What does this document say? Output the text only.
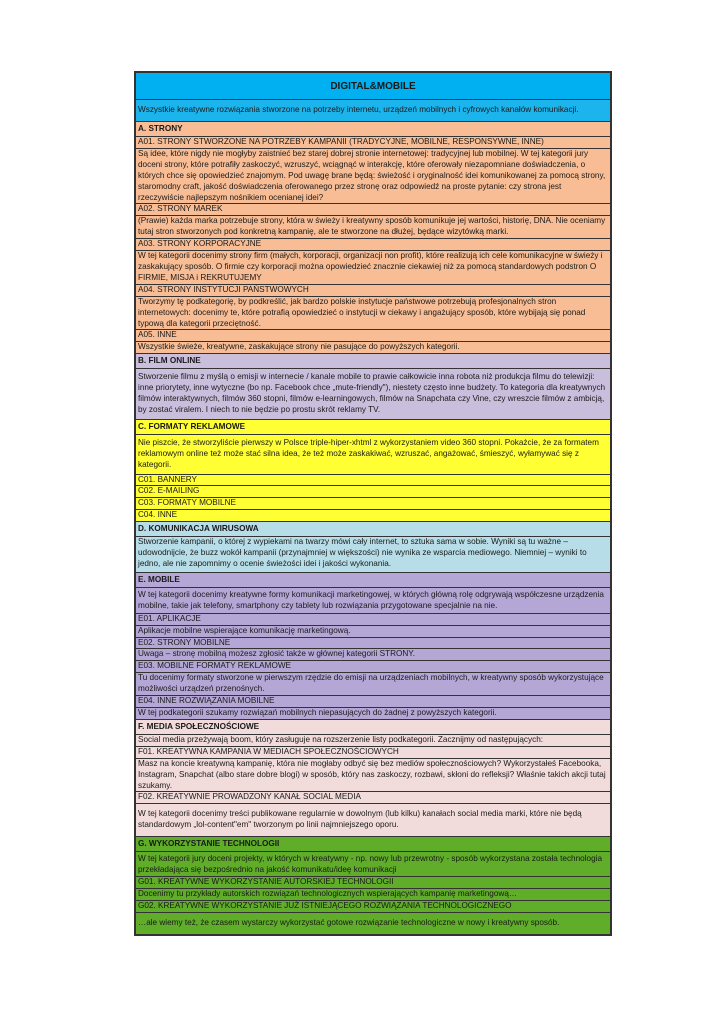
DIGITAL&MOBILE
Wszystkie kreatywne rozwiązania stworzone na potrzeby internetu, urządzeń mobilnych i cyfrowych kanałów komunikacji.
A. STRONY
A01. STRONY STWORZONE NA POTRZEBY KAMPANII (TRADYCYJNE, MOBILNE, RESPONSYWNE, INNE)
Są idee, które nigdy nie mogłyby zaistnieć bez starej dobrej stronie internetowej: tradycyjnej lub mobilnej. W tej kategorii jury doceni strony, które potrafiły zaskoczyć, wzruszyć, wciągnąć w interakcję, które oferowały niezapomniane doświadczenia, o których chce się opowiedzieć znajomym. Pod uwagę brane będą: świeżość i oryginalność idei komunikowanej za pomocą strony, staromodny craft, jakość doświadczenia oferowanego przez stronę oraz odpowiedź na proste pytanie: czy strona jest rzeczywiście najlepszym nośnikiem ocenianej idei?
A02. STRONY MAREK
(Prawie) każda marka potrzebuje strony, która w świeży i kreatywny sposób komunikuje jej wartości, historię, DNA. Nie oceniamy tutaj stron stworzonych pod konkretną kampanię, ale te stworzone na dłużej, będące wizytówką marki.
A03. STRONY KORPORACYJNE
W tej kategorii docenimy strony firm (małych, korporacji, organizacji non profit), które realizują ich cele komunikacyjne w świeży i zaskakujący sposób. O firmie czy korporacji można opowiedzieć znacznie ciekawiej niż za pomocą standardowych podstron O FIRMIE, MISJA i REKRUTUJEMY
A04. STRONY INSTYTUCJI PAŃSTWOWYCH
Tworzymy tę podkategorię, by podkreślić, jak bardzo polskie instytucje państwowe potrzebują profesjonalnych stron internetowych: docenimy te, które potrafią opowiedzieć o instytucji w ciekawy i angażujący sposób, które wybijają się ponad typową dla kategorii przeciętność.
A05. INNE
Wszystkie świeże, kreatywne, zaskakujące strony nie pasujące do powyższych kategorii.
B. FILM ONLINE
Stworzenie filmu z myślą o emisji w internecie / kanale mobile to prawie całkowicie inna robota niż produkcja filmu do telewizji: inne priorytety, inne wytyczne (bo np. Facebook chce „mute-friendly"), niestety często inne budżety. To kategoria dla kreatywnych filmów interaktywnych, filmów 360 stopni, filmów e-learningowych, filmów na Snapchata czy Vine, czy wreszcie filmów z ambicją, by zostać viralem. I niech to nie będzie po prostu skrót reklamy TV.
C. FORMATY REKLAMOWE
Nie piszcie, że stworzyliście pierwszy w Polsce triple-hiper-xhtml z wykorzystaniem video 360 stopni. Pokażcie, że za formatem reklamowym online też może stać silna idea, że też może zaskakiwać, wzruszać, angażować, śmieszyć, wyłamywać się z kategorii.
C01. BANNERY
C02. E-MAILING
C03. FORMATY MOBILNE
C04. INNE
D. KOMUNIKACJA WIRUSOWA
Stworzenie kampanii, o której z wypiekami na twarzy mówi cały internet, to sztuka sama w sobie. Wyniki są tu ważne – udowodnijcie, że buzz wokół kampanii (przynajmniej w większości) nie wynika ze wsparcia mediowego. Niemniej – wyniki to jedno, ale nie zapomnimy o ocenie świeżości idei i jakości wykonania.
E. MOBILE
W tej kategorii docenimy kreatywne formy komunikacji marketingowej, w których główną rolę odgrywają współczesne urządzenia mobilne, takie jak telefony, smartphony czy tablety lub rozwiązania przygotowane specjalnie na nie.
E01. APLIKACJE
Aplikacje mobilne wspierające komunikację marketingową.
E02. STRONY MOBILNE
Uwaga – stronę mobilną możesz zgłosić także w głównej kategorii STRONY.
E03. MOBILNE FORMATY REKLAMOWE
Tu docenimy formaty stworzone w pierwszym rzędzie do emisji na urządzeniach mobilnych, w kreatywny sposób wykorzystujące możliwości urządzeń przenośnych.
E04. INNE ROZWIĄZANIA MOBILNE
W tej podkategorii szukamy rozwiązań mobilnych niepasujących do żadnej z powyższych kategorii.
F. MEDIA SPOŁECZNOŚCIOWE
Social media przeżywają boom, który zasługuje na rozszerzenie listy podkategorii. Zacznijmy od następujących:
F01. KREATYWNA KAMPANIA W MEDIACH SPOŁECZNOŚCIOWYCH
Masz na koncie kreatywną kampanię, która nie mogłaby odbyć się bez mediów społecznościowych? Wykorzystałeś Facebooka, Instagram, Snapchat (albo stare dobre blogi) w sposób, który nas zaskoczy, rozbawi, skłoni do refleksji? Właśnie takich akcji tutaj szukamy.
F02. KREATYWNIE PROWADZONY KANAŁ SOCIAL MEDIA
W tej kategorii docenimy treści publikowane regularnie w dowolnym (lub kilku) kanałach social media marki, które nie będą standardowym „lol-content"em" tworzonym po linii najmniejszego oporu.
G. WYKORZYSTANIE TECHNOLOGII
W tej kategorii jury doceni projekty, w których w kreatywny - np. nowy lub przewrotny - sposób wykorzystana została technologia przekładająca się bezpośrednio na jakość komunikatu/ideę komunikacji
G01. KREATYWNE WYKORZYSTANIE AUTORSKIEJ TECHNOLOGII
Docenimy tu przykłady autorskich rozwiązań technologicznych wspierających kampanię marketingową…
G02. KREATYWNE WYKORZYSTANIE JUŻ ISTNIEJĄCEGO ROZWIĄZANIA TECHNOLOGICZNEGO
…ale wiemy też, że czasem wystarczy wykorzystać gotowe rozwiązanie technologiczne w nowy i kreatywny sposób.
